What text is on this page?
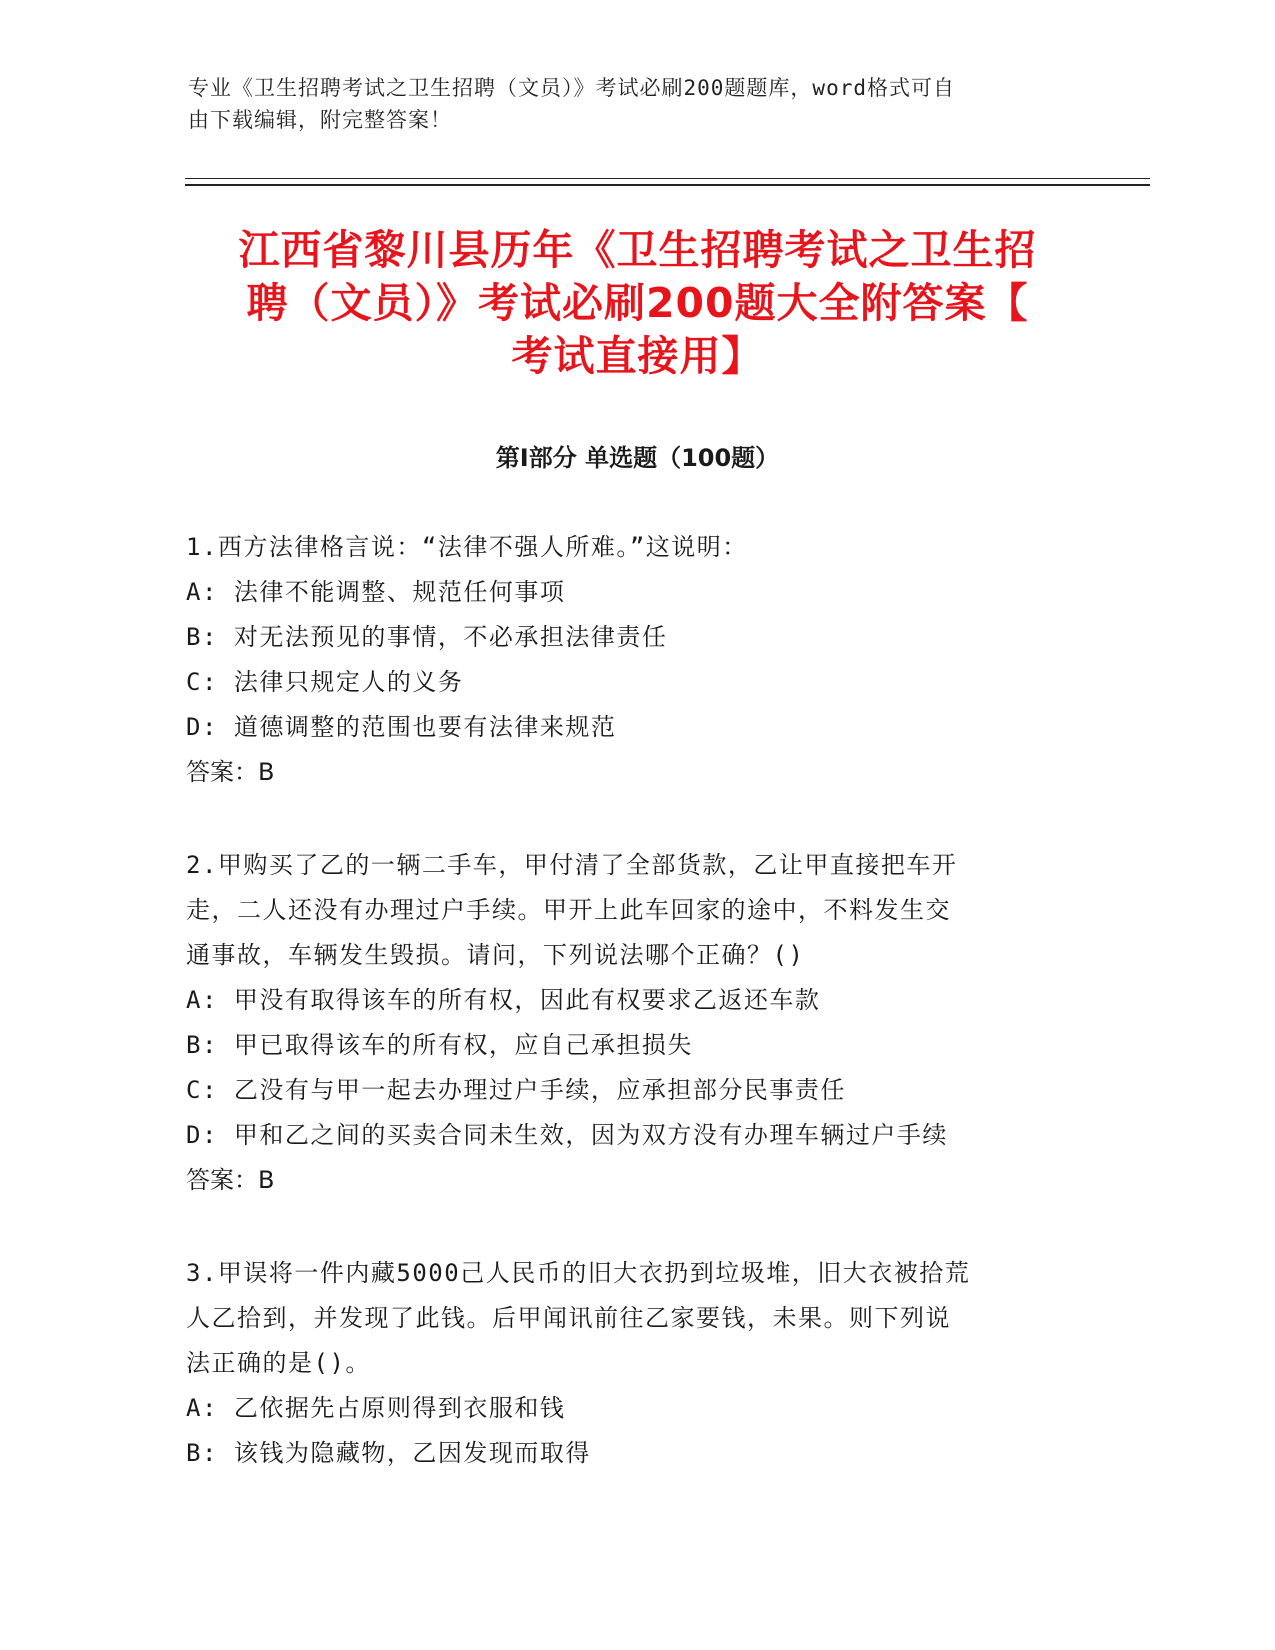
专业《卫生招聘考试之卫生招聘（文员）》考试必刷200题题库，word格式可自
由下载编辑，附完整答案！
江西省黎川县历年《卫生招聘考试之卫生招
聘（文员）》考试必刷200题大全附答案【
考试直接用】
第Ⅰ部分 单选题（100题）
1.西方法律格言说：“法律不强人所难。”这说明：
A: 法律不能调整、规范任何事项
B: 对无法预见的事情，不必承担法律责任
C: 法律只规定人的义务
D: 道德调整的范围也要有法律来规范
答案：B
2.甲购买了乙的一辆二手车，甲付清了全部货款，乙让甲直接把车开
走，二人还没有办理过户手续。甲开上此车回家的途中，不料发生交
通事故，车辆发生毁损。请问，下列说法哪个正确？()
A: 甲没有取得该车的所有权，因此有权要求乙返还车款
B: 甲已取得该车的所有权，应自己承担损失
C: 乙没有与甲一起去办理过户手续，应承担部分民事责任
D: 甲和乙之间的买卖合同未生效，因为双方没有办理车辆过户手续
答案：B
3.甲误将一件内藏5000己人民币的旧大衣扔到垃圾堆，旧大衣被拾荒
人乙拾到，并发现了此钱。后甲闻讯前往乙家要钱，未果。则下列说
法正确的是()。
A: 乙依据先占原则得到衣服和钱
B: 该钱为隐藏物，乙因发现而取得
